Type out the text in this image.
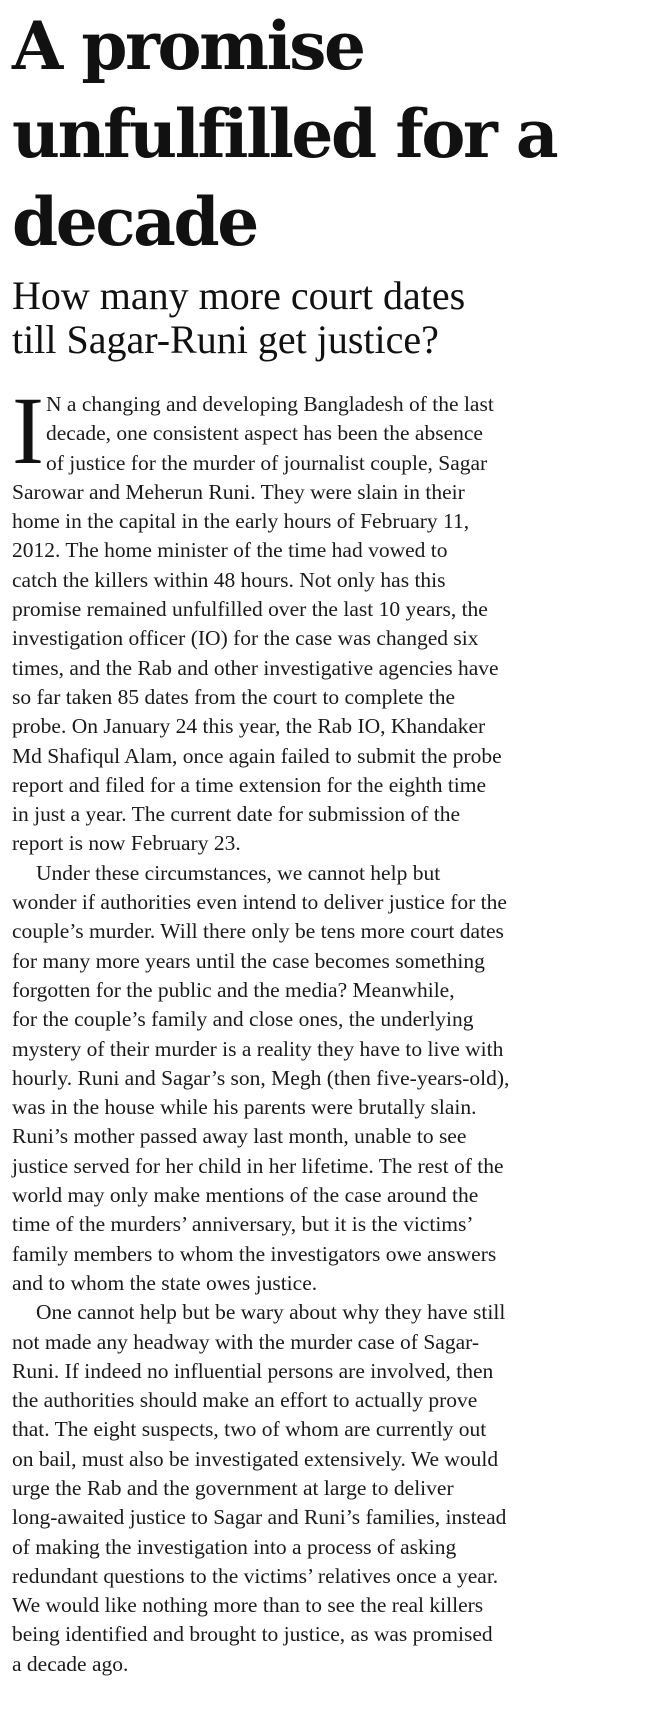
A promise
unfulfilled for a
decade
How many more court dates
till Sagar-Runi get justice?
I N a changing and developing Bangladesh of the last
decade, one consistent aspect has been the absence
of justice for the murder of journalist couple, Sagar
Sarowar and Meherun Runi. They were slain in their
home in the capital in the early hours of February 11,
2012. The home minister of the time had vowed to
catch the killers within 48 hours. Not only has this
promise remained unfulfilled over the last 10 years, the
investigation officer (IO) for the case was changed six
times, and the Rab and other investigative agencies have
so far taken 85 dates from the court to complete the
probe. On January 24 this year, the Rab IO, Khandaker
Md Shafiqul Alam, once again failed to submit the probe
report and filed for a time extension for the eighth time
in just a year. The current date for submission of the
report is now February 23.
Under these circumstances, we cannot help but
wonder if authorities even intend to deliver justice for the
couple’s murder. Will there only be tens more court dates
for many more years until the case becomes something
forgotten for the public and the media? Meanwhile,
for the couple’s family and close ones, the underlying
mystery of their murder is a reality they have to live with
hourly. Runi and Sagar’s son, Megh (then five-years-old),
was in the house while his parents were brutally slain.
Runi’s mother passed away last month, unable to see
justice served for her child in her lifetime. The rest of the
world may only make mentions of the case around the
time of the murders’ anniversary, but it is the victims’
family members to whom the investigators owe answers
and to whom the state owes justice.
One cannot help but be wary about why they have still
not made any headway with the murder case of Sagar-
Runi. If indeed no influential persons are involved, then
the authorities should make an effort to actually prove
that. The eight suspects, two of whom are currently out
on bail, must also be investigated extensively. We would
urge the Rab and the government at large to deliver
long-awaited justice to Sagar and Runi’s families, instead
of making the investigation into a process of asking
redundant questions to the victims’ relatives once a year.
We would like nothing more than to see the real killers
being identified and brought to justice, as was promised
a decade ago.
